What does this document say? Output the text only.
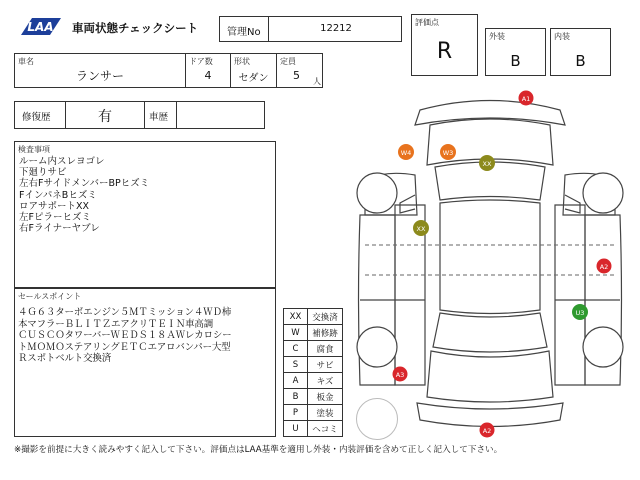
LAA 車両状態チェックシート	管理No	12212
評価点
R
外装
B
内装
B
車名
ランサー
ドア数
4
形状
セダン
定員
5 人
修復歴	有	車歴
検査事項
ルーム内スレヨゴレ
下廻りサビ
左右FサイドメンバーBPヒズミ
FインパネBヒズミ
ロアサポートXX
左Fピラーヒズミ
右Fライナーヤブレ
セールスポイント
４Ｇ６３ターボエンジン５ＭＴミッション４ＷＤ柿
本マフラーＢＬＩＴＺエアクリＴＥＩＮ車高調
ＣＵＳＣＯタワーバーＷＥＤＳ１８ＡＷレカロシー
トＭＯＭＯステアリングＥＴＣエアロバンパー大型
Ｒスポトベルト交換済
XX	交換済
W	補修跡
C	腐食
S	サビ
A	キズ
B	板金
P	塗装
U	ヘコミ
A1
W4	W3
XX
XX
A2
U3
A3
A2
※撮影を前提に大きく読みやすく記入して下さい。評価点はLAA基準を適用し外装・内装評価を含めて正しく記入して下さい。
